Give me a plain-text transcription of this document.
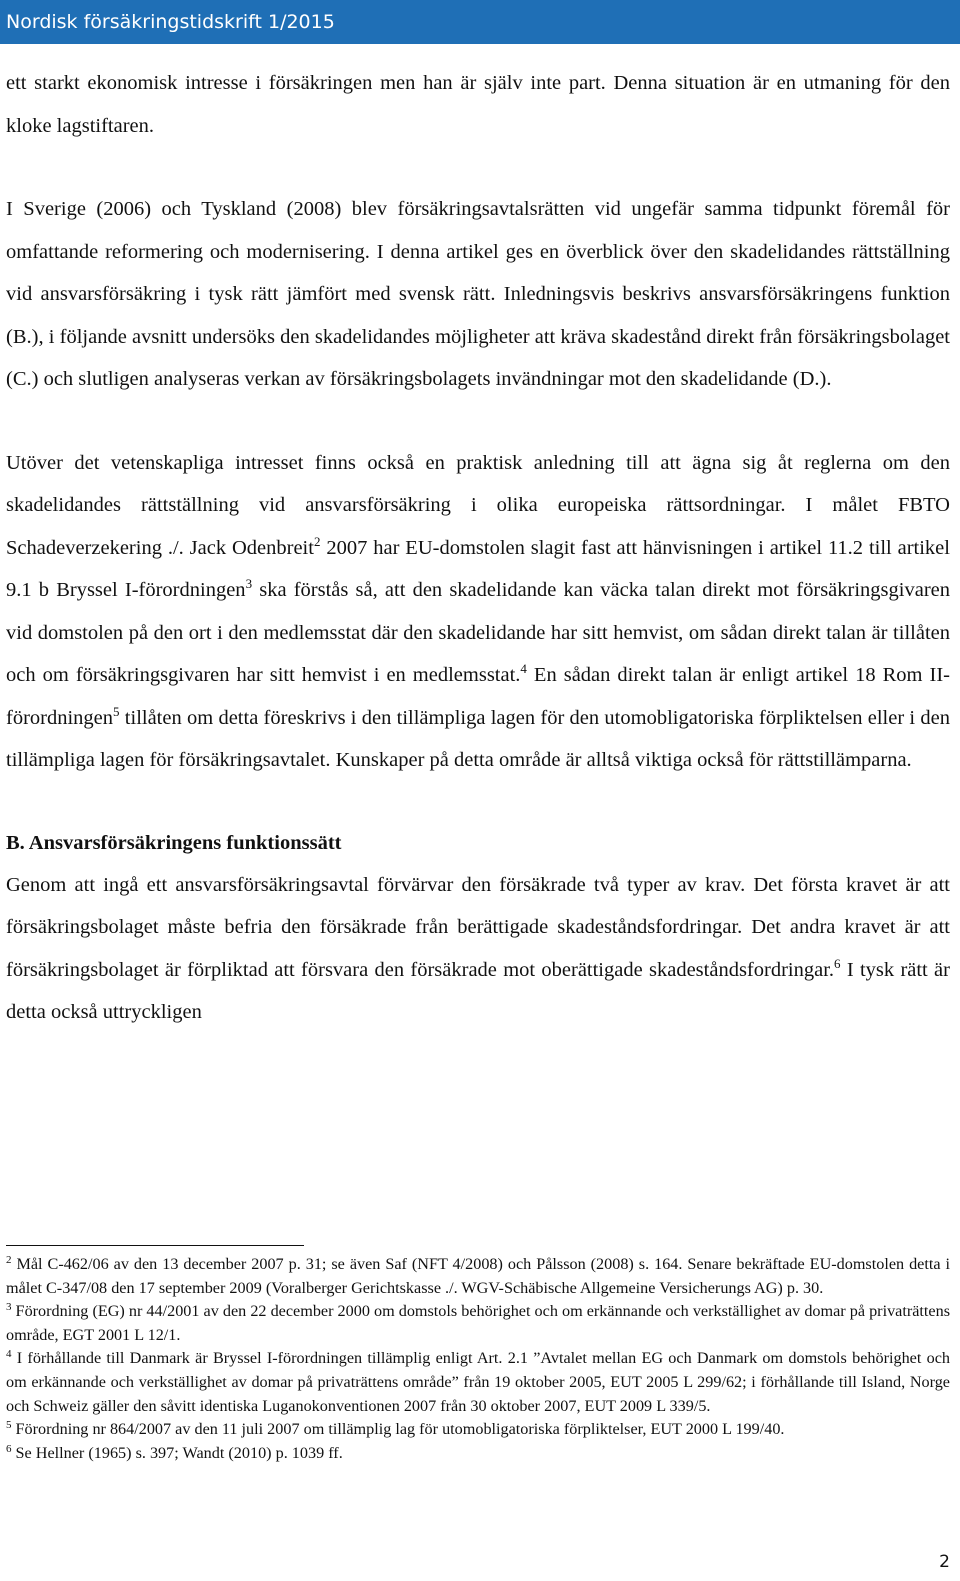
Nordisk försäkringstidskrift 1/2015

ett starkt ekonomisk intresse i försäkringen men han är själv inte part. Denna situation är en utmaning för den kloke lagstiftaren.

I Sverige (2006) och Tyskland (2008) blev försäkringsavtalsrätten vid ungefär samma tidpunkt föremål för omfattande reformering och modernisering. I denna artikel ges en överblick över den skadelidandes rättställning vid ansvarsförsäkring i tysk rätt jämfört med svensk rätt. Inledningsvis beskrivs ansvarsförsäkringens funktion (B.), i följande avsnitt undersöks den skadelidandes möjligheter att kräva skadestånd direkt från försäkringsbolaget (C.) och slutligen analyseras verkan av försäkringsbolagets invändningar mot den skadelidande (D.).

Utöver det vetenskapliga intresset finns också en praktisk anledning till att ägna sig åt reglerna om den skadelidandes rättställning vid ansvarsförsäkring i olika europeiska rättsordningar. I målet FBTO Schadeverzekering ./. Jack Odenbreit$^2$ 2007 har EU-domstolen slagit fast att hänvisningen i artikel 11.2 till artikel 9.1 b Bryssel I-förordningen$^3$ ska förstås så, att den skadelidande kan väcka talan direkt mot försäkringsgivaren vid domstolen på den ort i den medlemsstat där den skadelidande har sitt hemvist, om sådan direkt talan är tillåten och om försäkringsgivaren har sitt hemvist i en medlemsstat.$^4$ En sådan direkt talan är enligt artikel 18 Rom II-förordningen$^5$ tillåten om detta föreskrivs i den tillämpliga lagen för den utomobligatoriska förpliktelsen eller i den tillämpliga lagen för försäkringsavtalet. Kunskaper på detta område är alltså viktiga också för rättstillämparna.

B. Ansvarsförsäkringens funktionssätt

Genom att ingå ett ansvarsförsäkringsavtal förvärvar den försäkrade två typer av krav. Det första kravet är att försäkringsbolaget måste befria den försäkrade från berättigade skadeståndsfordringar. Det andra kravet är att försäkringsbolaget är förpliktad att försvara den försäkrade mot oberättigade skadeståndsfordringar.$^6$ I tysk rätt är detta också uttryckligen

$^2$ Mål C-462/06 av den 13 december 2007 p. 31; se även Saf (NFT 4/2008) och Pålsson (2008) s. 164. Senare bekräftade EU-domstolen detta i målet C-347/08 den 17 september 2009 (Voralberger Gerichtskasse ./. WGV-Schäbische Allgemeine Versicherungs AG) p. 30.

$^3$ Förordning (EG) nr 44/2001 av den 22 december 2000 om domstols behörighet och om erkännande och verkställighet av domar på privaträttens område, EGT 2001 L 12/1.

$^4$ I förhållande till Danmark är Bryssel I-förordningen tillämplig enligt Art. 2.1 ”Avtalet mellan EG och Danmark om domstols behörighet och om erkännande och verkställighet av domar på privaträttens område” från 19 oktober 2005, EUT 2005 L 299/62; i förhållande till Island, Norge och Schweiz gäller den såvitt identiska Luganokonventionen 2007 från 30 oktober 2007, EUT 2009 L 339/5.

$^5$ Förordning nr 864/2007 av den 11 juli 2007 om tillämplig lag för utomobligatoriska förpliktelser, EUT 2000 L 199/40.

$^6$ Se Hellner (1965) s. 397; Wandt (2010) p. 1039 ff.

2
